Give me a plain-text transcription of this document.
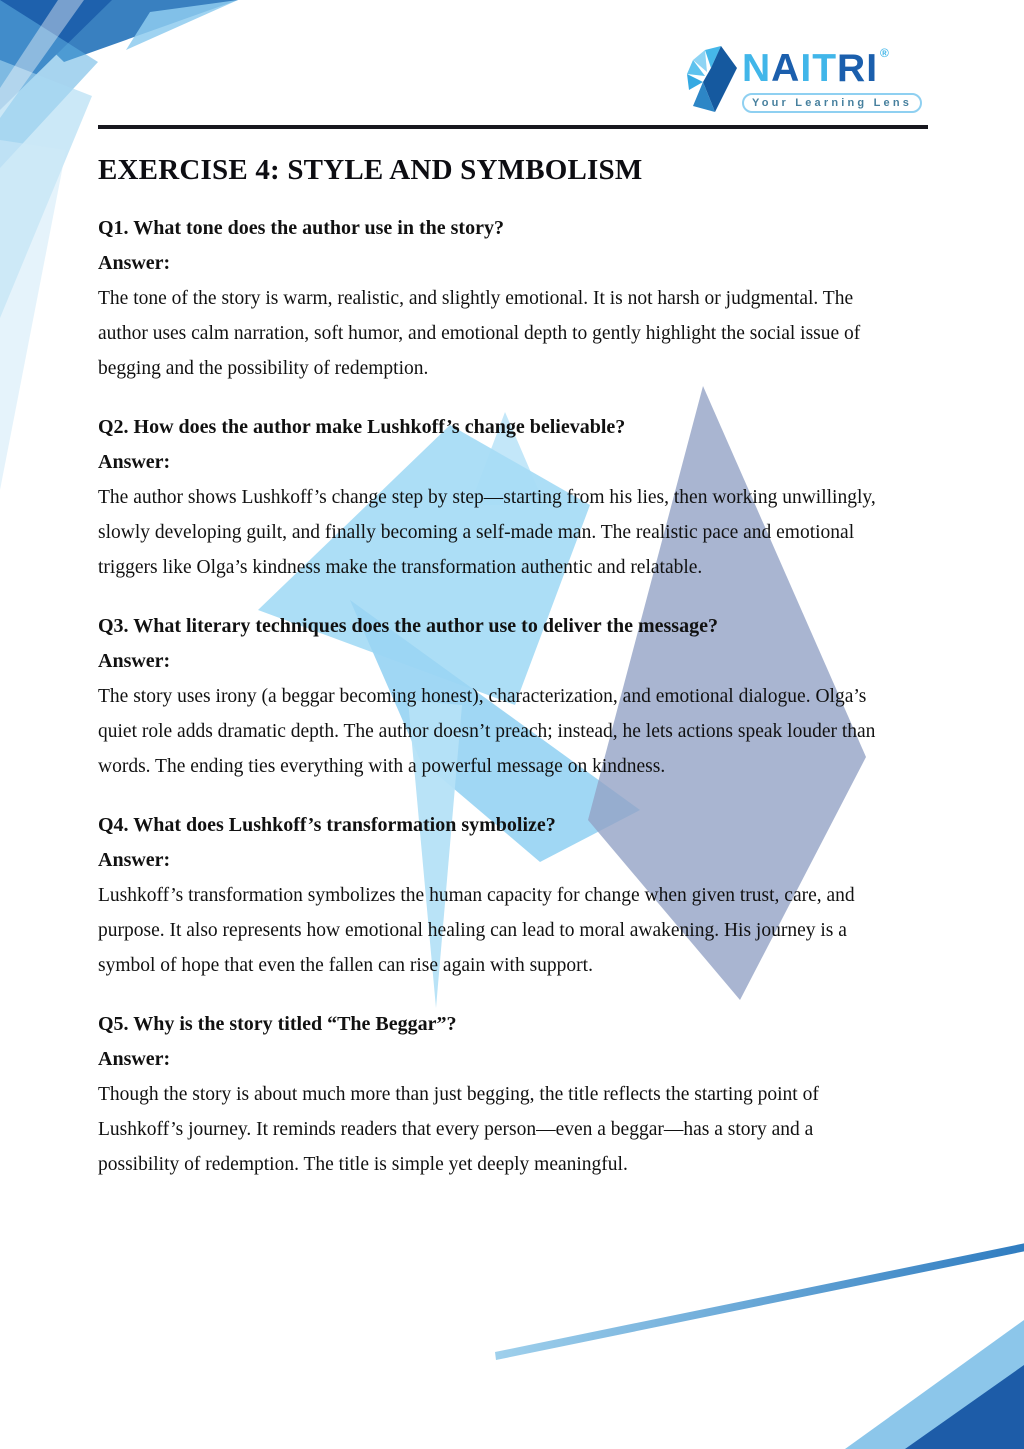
NAITRI ®
Your Learning Lens
EXERCISE 4: STYLE AND SYMBOLISM
Q1. What tone does the author use in the story?
Answer:
The tone of the story is warm, realistic, and slightly emotional. It is not harsh or judgmental. The
author uses calm narration, soft humor, and emotional depth to gently highlight the social issue of
begging and the possibility of redemption.
Q2. How does the author make Lushkoff’s change believable?
Answer:
The author shows Lushkoff’s change step by step—starting from his lies, then working unwillingly,
slowly developing guilt, and finally becoming a self-made man. The realistic pace and emotional
triggers like Olga’s kindness make the transformation authentic and relatable.
Q3. What literary techniques does the author use to deliver the message?
Answer:
The story uses irony (a beggar becoming honest), characterization, and emotional dialogue. Olga’s
quiet role adds dramatic depth. The author doesn’t preach; instead, he lets actions speak louder than
words. The ending ties everything with a powerful message on kindness.
Q4. What does Lushkoff’s transformation symbolize?
Answer:
Lushkoff’s transformation symbolizes the human capacity for change when given trust, care, and
purpose. It also represents how emotional healing can lead to moral awakening. His journey is a
symbol of hope that even the fallen can rise again with support.
Q5. Why is the story titled “The Beggar”?
Answer:
Though the story is about much more than just begging, the title reflects the starting point of
Lushkoff’s journey. It reminds readers that every person—even a beggar—has a story and a
possibility of redemption. The title is simple yet deeply meaningful.
